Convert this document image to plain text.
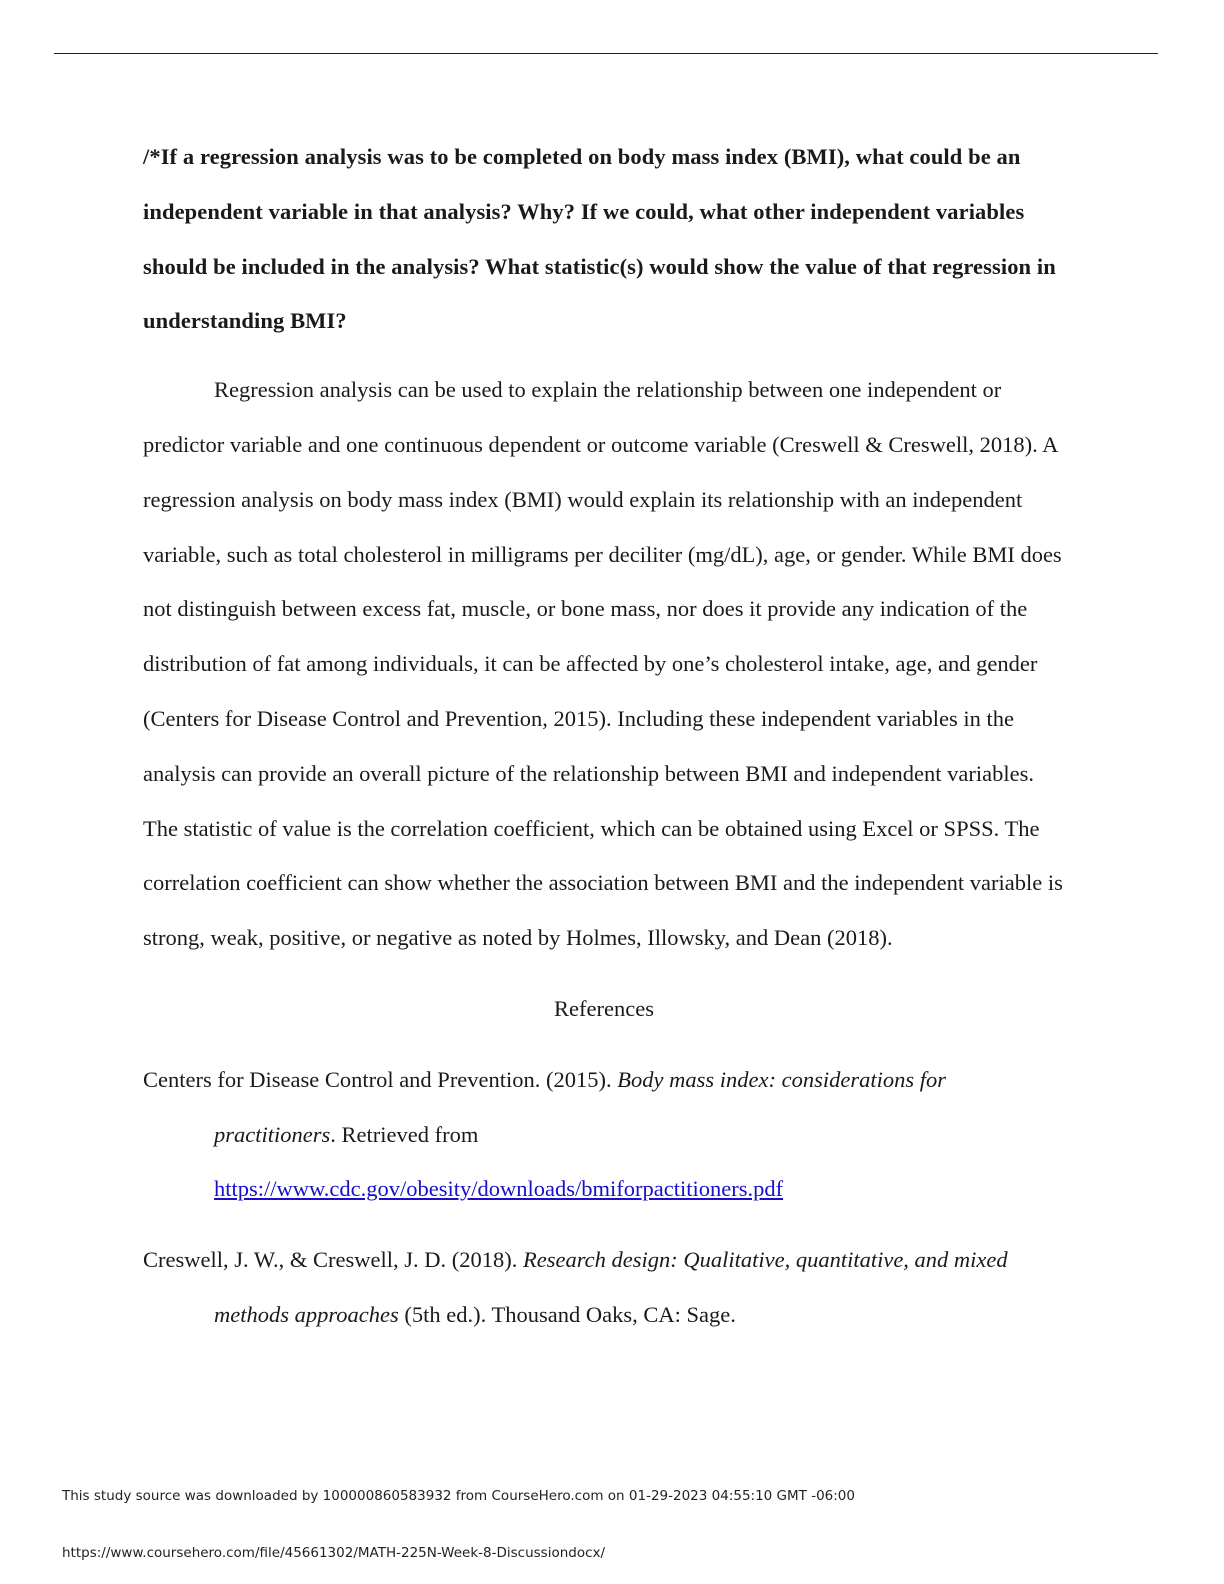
/*If a regression analysis was to be completed on body mass index (BMI), what could be an independent variable in that analysis? Why? If we could, what other independent variables should be included in the analysis? What statistic(s) would show the value of that regression in understanding BMI?

Regression analysis can be used to explain the relationship between one independent or predictor variable and one continuous dependent or outcome variable (Creswell & Creswell, 2018). A regression analysis on body mass index (BMI) would explain its relationship with an independent variable, such as total cholesterol in milligrams per deciliter (mg/dL), age, or gender. While BMI does not distinguish between excess fat, muscle, or bone mass, nor does it provide any indication of the distribution of fat among individuals, it can be affected by one’s cholesterol intake, age, and gender (Centers for Disease Control and Prevention, 2015). Including these independent variables in the analysis can provide an overall picture of the relationship between BMI and independent variables. The statistic of value is the correlation coefficient, which can be obtained using Excel or SPSS. The correlation coefficient can show whether the association between BMI and the independent variable is strong, weak, positive, or negative as noted by Holmes, Illowsky, and Dean (2018).

References

Centers for Disease Control and Prevention. (2015). Body mass index: considerations for practitioners. Retrieved from
https://www.cdc.gov/obesity/downloads/bmiforpactitioners.pdf

Creswell, J. W., & Creswell, J. D. (2018). Research design: Qualitative, quantitative, and mixed methods approaches (5th ed.). Thousand Oaks, CA: Sage.

This study source was downloaded by 100000860583932 from CourseHero.com on 01-29-2023 04:55:10 GMT -06:00
https://www.coursehero.com/file/45661302/MATH-225N-Week-8-Discussiondocx/
